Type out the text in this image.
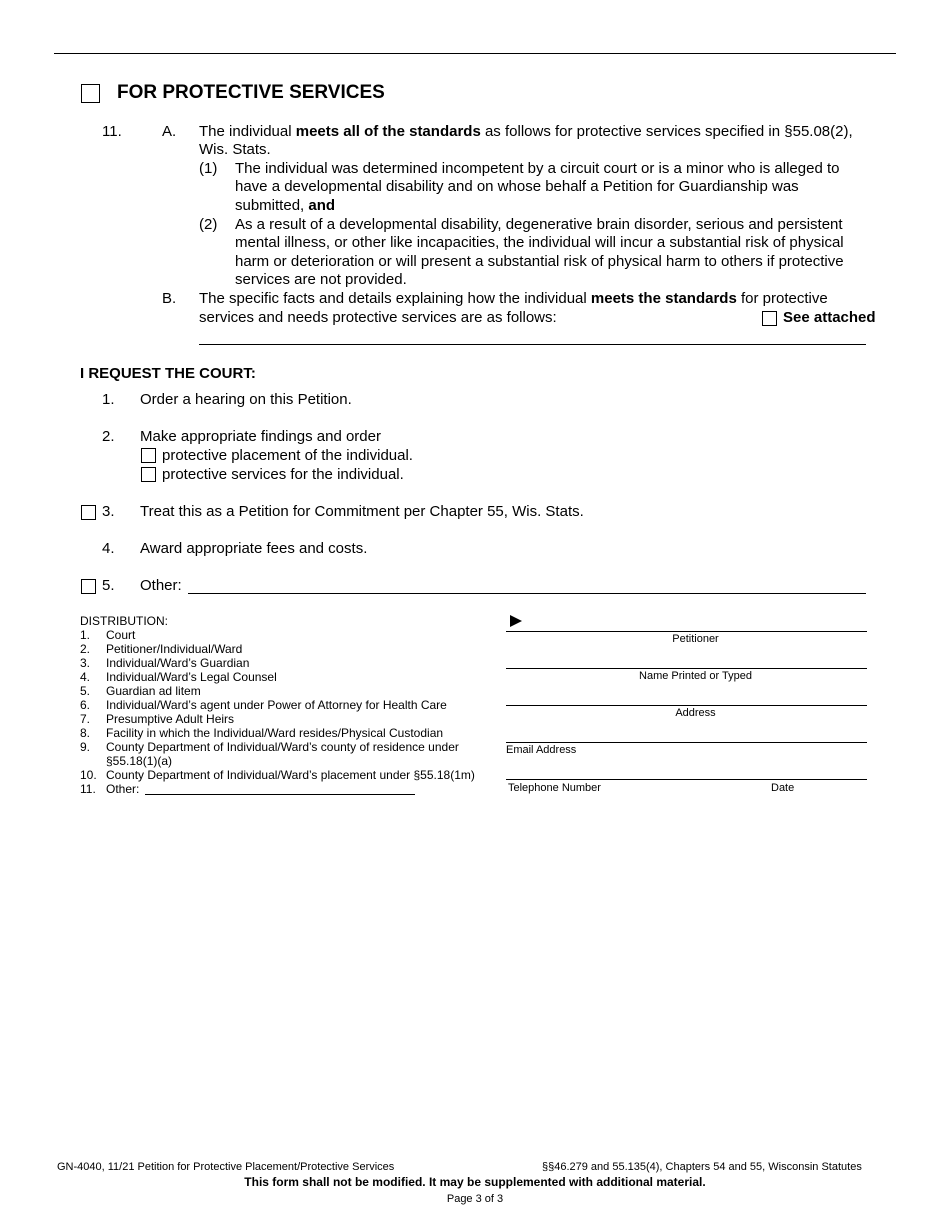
FOR PROTECTIVE SERVICES
11.	A. The individual meets all of the standards as follows for protective services specified in §55.08(2),
Wis. Stats.
(1) The individual was determined incompetent by a circuit court or is a minor who is alleged to
have a developmental disability and on whose behalf a Petition for Guardianship was
submitted, and
(2) As a result of a developmental disability, degenerative brain disorder, serious and persistent
mental illness, or other like incapacities, the individual will incur a substantial risk of physical
harm or deterioration or will present a substantial risk of physical harm to others if protective
services are not provided.
B. The specific facts and details explaining how the individual meets the standards for protective
services and needs protective services are as follows:	See attached
I REQUEST THE COURT:
1. Order a hearing on this Petition.
2. Make appropriate findings and order
protective placement of the individual.
protective services for the individual.
3. Treat this as a Petition for Commitment per Chapter 55, Wis. Stats.
4. Award appropriate fees and costs.
5. Other:
DISTRIBUTION:
1. Court
2. Petitioner/Individual/Ward
3. Individual/Ward’s Guardian
4. Individual/Ward’s Legal Counsel
5. Guardian ad litem
6. Individual/Ward’s agent under Power of Attorney for Health Care
7. Presumptive Adult Heirs
8. Facility in which the Individual/Ward resides/Physical Custodian
9. County Department of Individual/Ward’s county of residence under
§55.18(1)(a)
10. County Department of Individual/Ward’s placement under §55.18(1m)
11. Other:
Petitioner
Name Printed or Typed
Address
Email Address
Telephone Number	Date
GN-4040, 11/21 Petition for Protective Placement/Protective Services	§§46.279 and 55.135(4), Chapters 54 and 55, Wisconsin Statutes
This form shall not be modified. It may be supplemented with additional material.
Page 3 of 3
